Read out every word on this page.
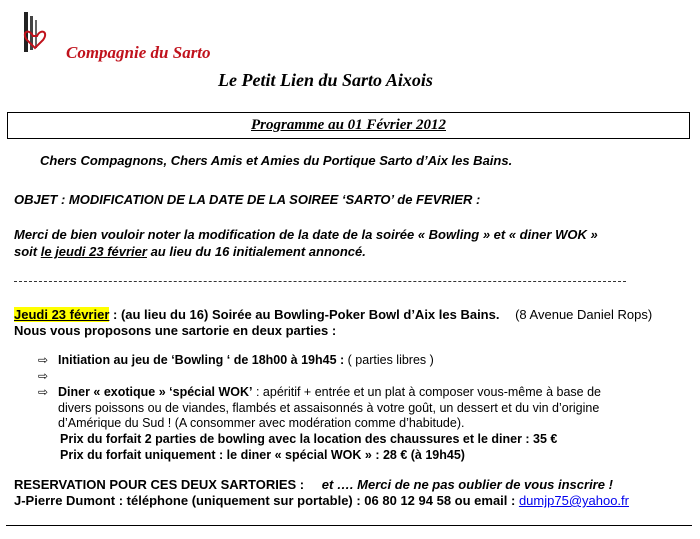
Compagnie du Sarto
Le Petit Lien du Sarto Aixois
Programme au 01 Février 2012
Chers Compagnons, Chers Amis et Amies du Portique Sarto d’Aix les Bains.
OBJET : MODIFICATION DE LA DATE DE LA SOIREE ‘SARTO’ de FEVRIER :
Merci de bien vouloir noter la modification de la date de la soirée « Bowling » et « diner WOK »
soit le jeudi 23 février au lieu du 16 initialement annoncé.
Jeudi 23 février : (au lieu du 16) Soirée au Bowling-Poker Bowl d’Aix les Bains. (8 Avenue Daniel Rops)
Nous vous proposons une sartorie en deux parties :
⇨ Initiation au jeu de ‘Bowling ‘ de 18h00 à 19h45 : ( parties libres )
⇨
⇨ Diner « exotique » ‘spécial WOK’ : apéritif + entrée et un plat à composer vous-même à base de
divers poissons ou de viandes, flambés et assaisonnés à votre goût, un dessert et du vin d’origine
d’Amérique du Sud ! (A consommer avec modération comme d’habitude).
Prix du forfait 2 parties de bowling avec la location des chaussures et le diner : 35 €
Prix du forfait uniquement : le diner « spécial WOK » : 28 € (à 19h45)
RESERVATION POUR CES DEUX SARTORIES : et …. Merci de ne pas oublier de vous inscrire !
J-Pierre Dumont : téléphone (uniquement sur portable) : 06 80 12 94 58 ou email : dumjp75@yahoo.fr
